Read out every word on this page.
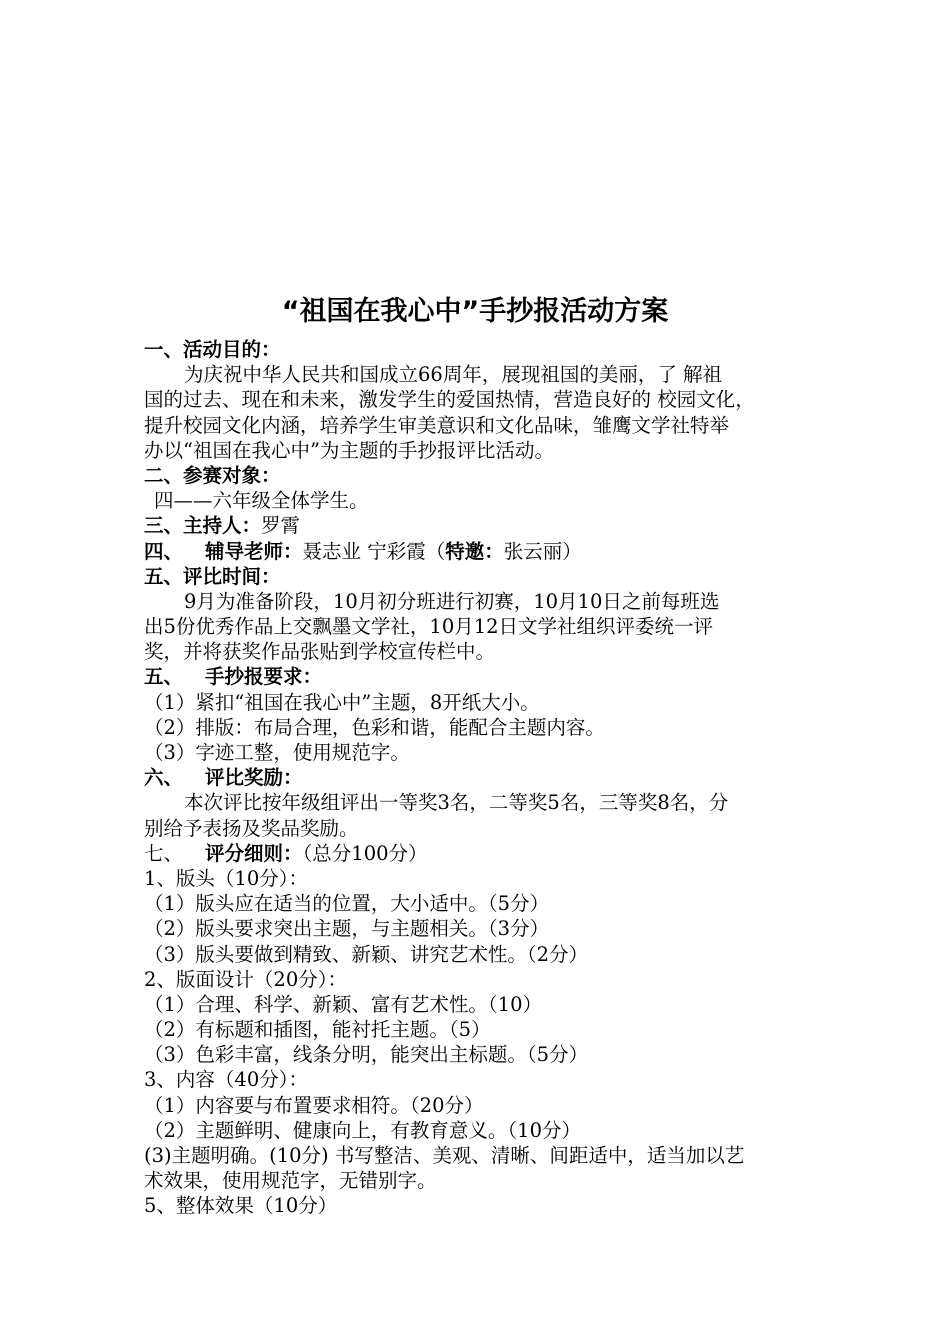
“祖国在我心中”手抄报活动方案
一、活动目的：
为庆祝中华人民共和国成立66周年，展现祖国的美丽，了 解祖
国的过去、现在和未来，激发学生的爱国热情，营造良好的 校园文化，
提升校园文化内涵，培养学生审美意识和文化品味，雏鹰文学社特举
办以“祖国在我心中”为主题的手抄报评比活动。
二、参赛对象：
四——六年级全体学生。
三、主持人：罗霄
四、 辅导老师：聂志业 宁彩霞（特邀：张云丽）
五、评比时间：
9月为准备阶段，10月初分班进行初赛，10月10日之前每班选
出5份优秀作品上交飘墨文学社，10月12日文学社组织评委统一评
奖，并将获奖作品张贴到学校宣传栏中。
五、 手抄报要求：
（1）紧扣“祖国在我心中”主题，8开纸大小。
（2）排版：布局合理，色彩和谐，能配合主题内容。
（3）字迹工整，使用规范字。
六、 评比奖励：
本次评比按年级组评出一等奖3名，二等奖5名，三等奖8名，分
别给予表扬及奖品奖励。
七、 评分细则：（总分100分）
1、版头（10分）：
（1）版头应在适当的位置，大小适中。（5分）
（2）版头要求突出主题，与主题相关。（3分）
（3）版头要做到精致、新颖、讲究艺术性。（2分）
2、版面设计（20分）：
（1）合理、科学、新颖、富有艺术性。（10）
（2）有标题和插图，能衬托主题。（5）
（3）色彩丰富，线条分明，能突出主标题。（5分）
3、内容（40分）：
（1）内容要与布置要求相符。（20分）
（2）主题鲜明、健康向上，有教育意义。（10分）
(3)主题明确。(10分) 书写整洁、美观、清晰、间距适中，适当加以艺
术效果，使用规范字，无错别字。
5、整体效果（10分）
